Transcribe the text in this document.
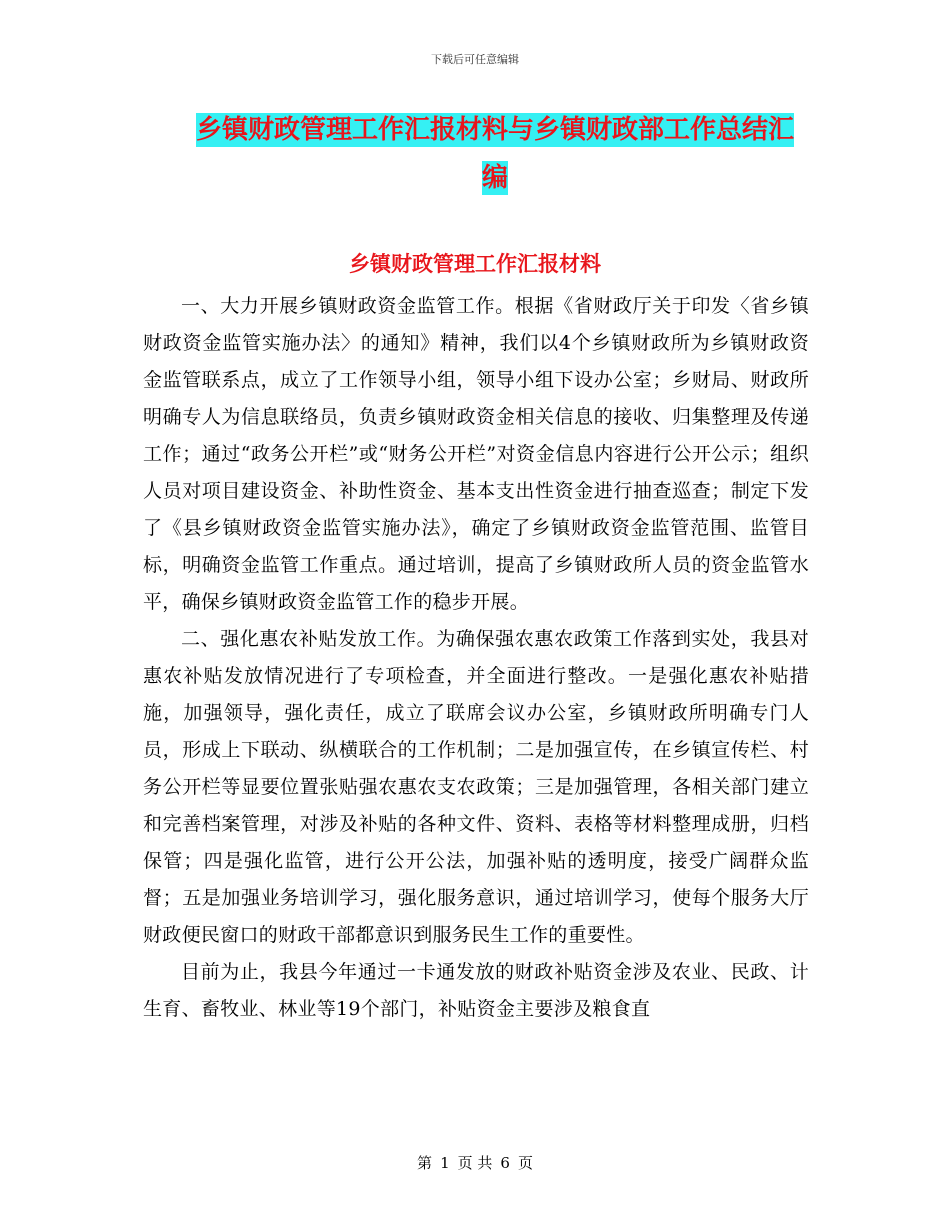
下载后可任意编辑
乡镇财政管理工作汇报材料与乡镇财政部工作总结汇
编
乡镇财政管理工作汇报材料

一、大力开展乡镇财政资金监管工作。根据《省财政厅关于印发〈省乡镇财政资金监管实施办法〉的通知》精神，我们以4个乡镇财政所为乡镇财政资金监管联系点，成立了工作领导小组，领导小组下设办公室；乡财局、财政所明确专人为信息联络员，负责乡镇财政资金相关信息的接收、归集整理及传递工作；通过“政务公开栏”或“财务公开栏”对资金信息内容进行公开公示；组织人员对项目建设资金、补助性资金、基本支出性资金进行抽查巡查；制定下发了《县乡镇财政资金监管实施办法》，确定了乡镇财政资金监管范围、监管目标，明确资金监管工作重点。通过培训，提高了乡镇财政所人员的资金监管水平，确保乡镇财政资金监管工作的稳步开展。

二、强化惠农补贴发放工作。为确保强农惠农政策工作落到实处，我县对惠农补贴发放情况进行了专项检查，并全面进行整改。一是强化惠农补贴措施，加强领导，强化责任，成立了联席会议办公室，乡镇财政所明确专门人员，形成上下联动、纵横联合的工作机制；二是加强宣传，在乡镇宣传栏、村务公开栏等显要位置张贴强农惠农支农政策；三是加强管理，各相关部门建立和完善档案管理，对涉及补贴的各种文件、资料、表格等材料整理成册，归档保管；四是强化监管，进行公开公法，加强补贴的透明度，接受广阔群众监督；五是加强业务培训学习，强化服务意识，通过培训学习，使每个服务大厅财政便民窗口的财政干部都意识到服务民生工作的重要性。

目前为止，我县今年通过一卡通发放的财政补贴资金涉及农业、民政、计生育、畜牧业、林业等19个部门，补贴资金主要涉及粮食直

第 1 页 共 6 页
